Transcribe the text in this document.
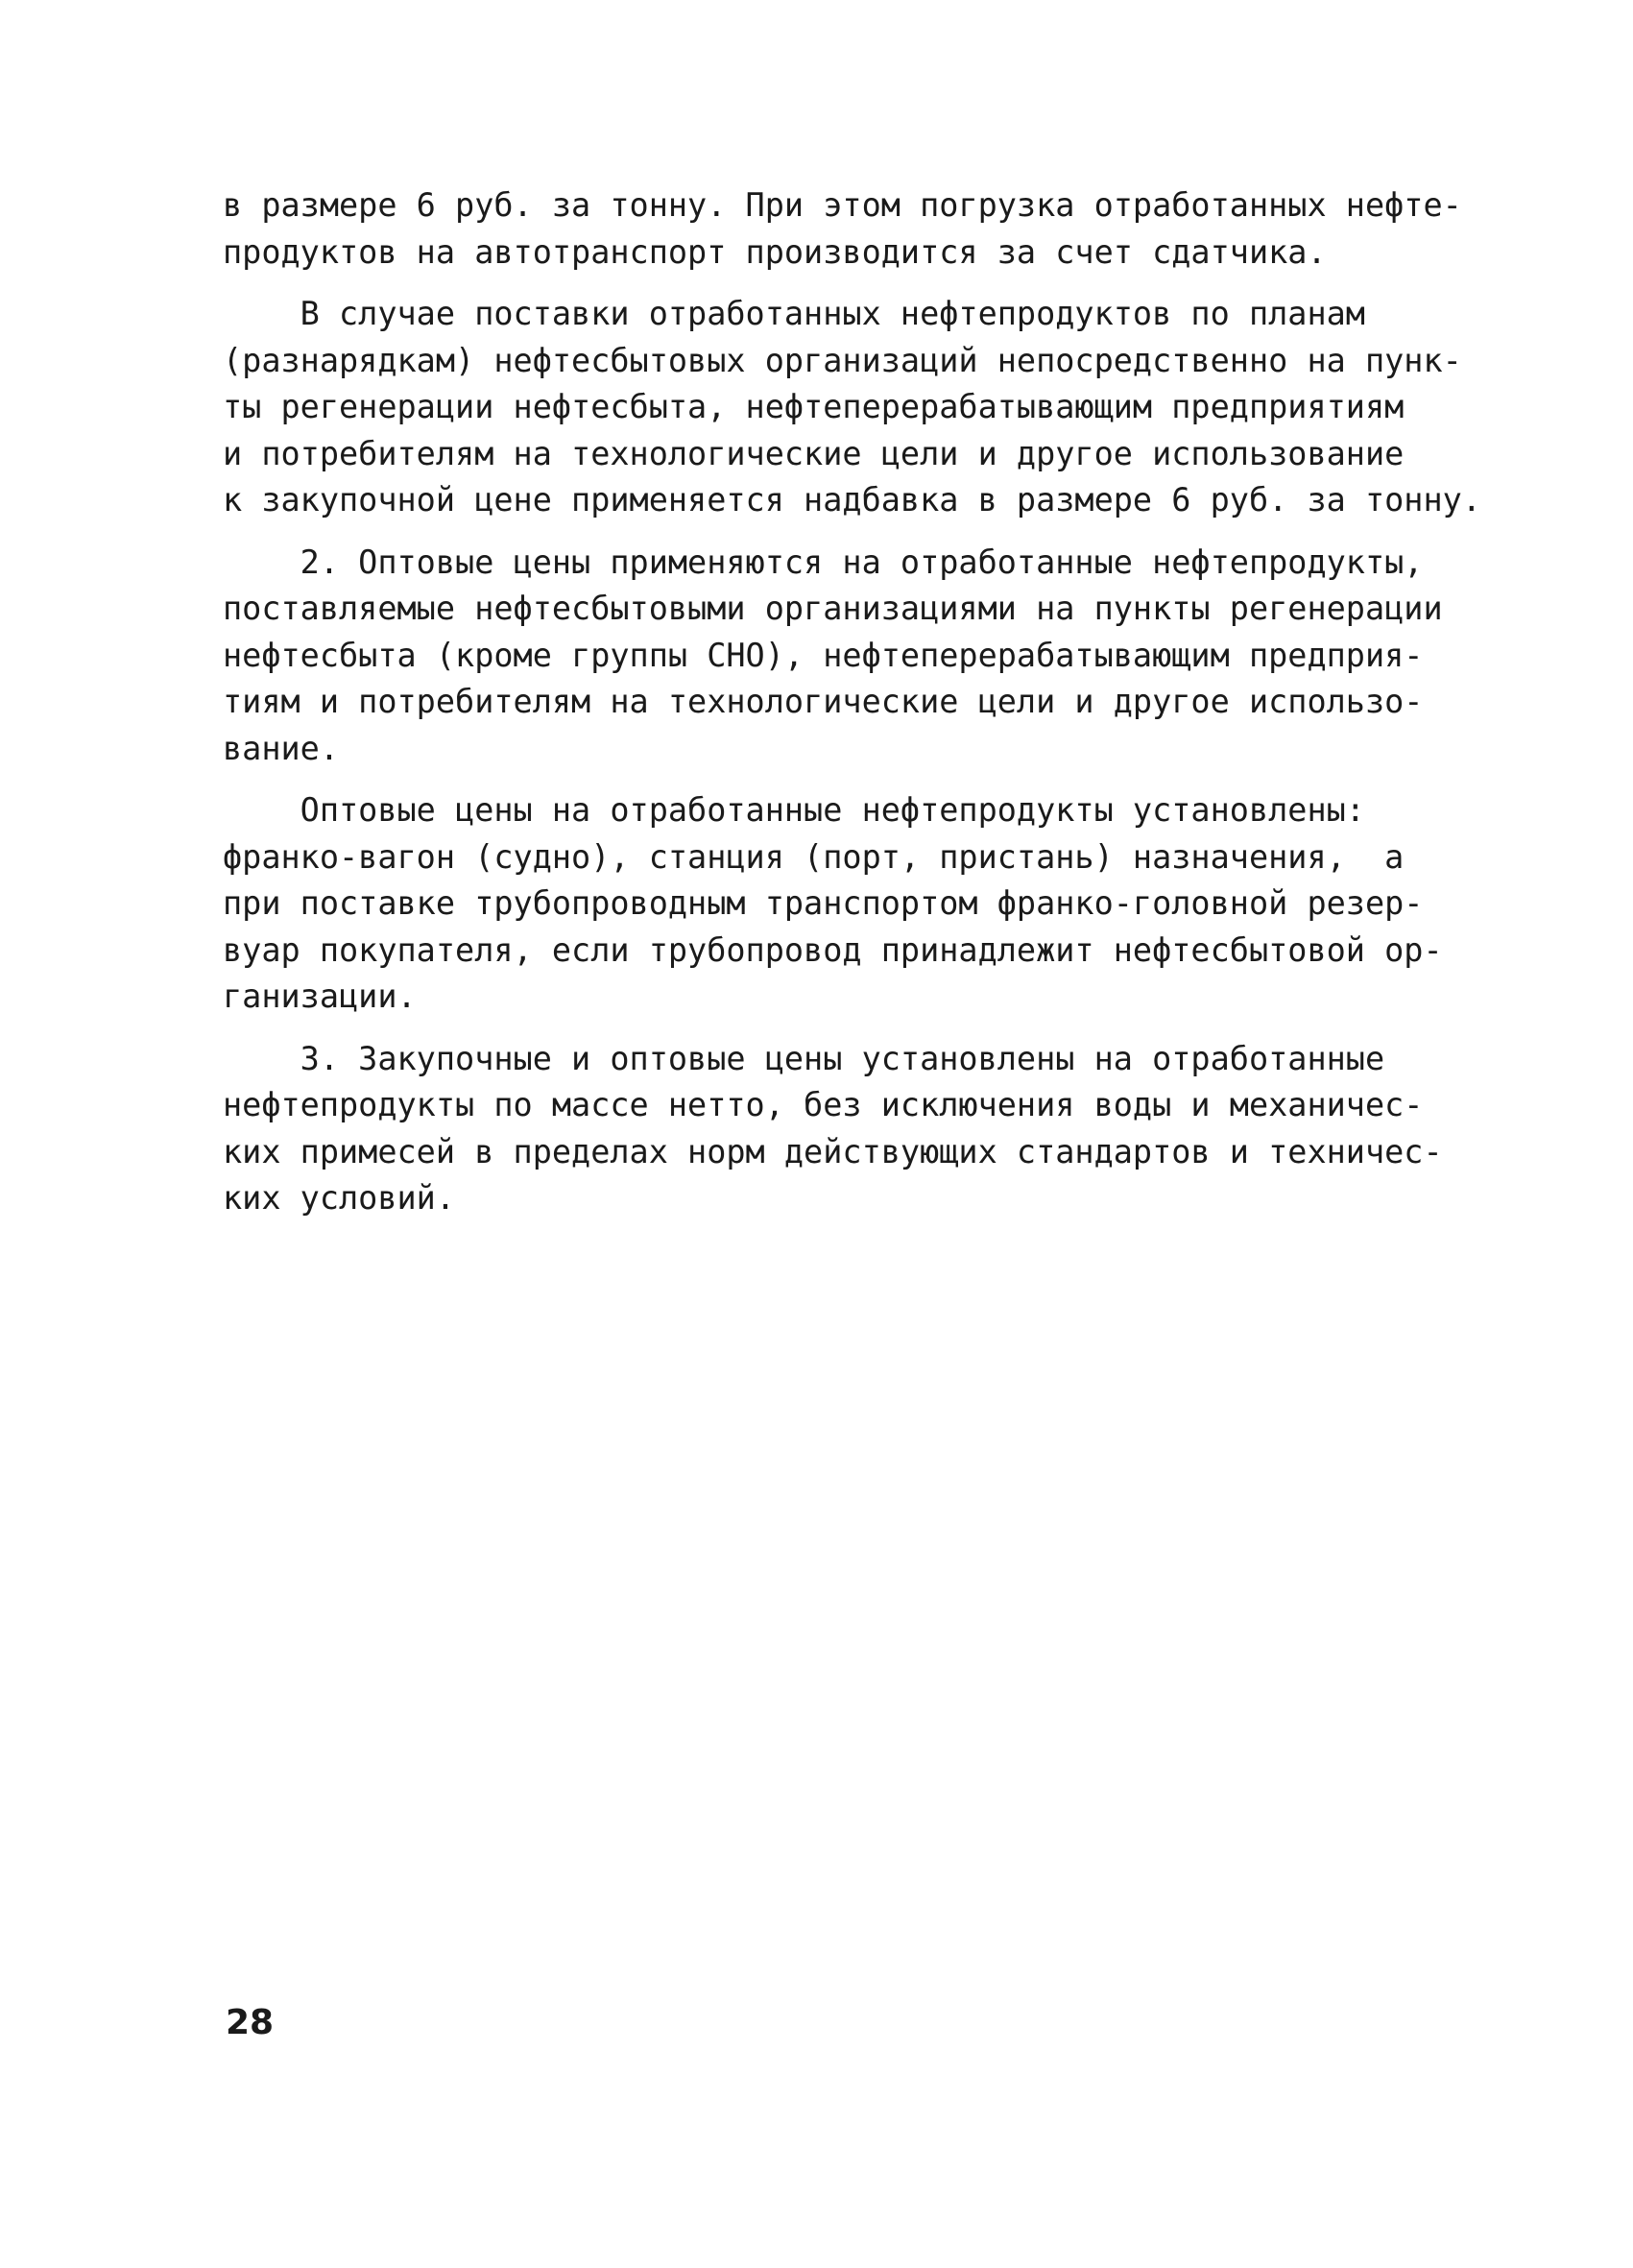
в размере 6 руб. за тонну. При этом погрузка отработанных нефте-
продуктов на автотранспорт производится за счет сдатчика.
В случае поставки отработанных нефтепродуктов по планам
(разнарядкам) нефтесбытовых организаций непосредственно на пунк-
ты регенерации нефтесбыта, нефтеперерабатывающим предприятиям
и потребителям на технологические цели и другое использование
к закупочной цене применяется надбавка в размере 6 руб. за тонну.
2. Оптовые цены применяются на отработанные нефтепродукты,
поставляемые нефтесбытовыми организациями на пункты регенерации
нефтесбыта (кроме группы СНО), нефтеперерабатывающим предприя-
тиям и потребителям на технологические цели и другое использо-
вание.
Оптовые цены на отработанные нефтепродукты установлены:
франко-вагон (судно), станция (порт, пристань) назначения,  а
при поставке трубопроводным транспортом франко-головной резер-
вуар покупателя, если трубопровод принадлежит нефтесбытовой ор-
ганизации.
3. Закупочные и оптовые цены установлены на отработанные
нефтепродукты по массе нетто, без исключения воды и механичес-
ких примесей в пределах норм действующих стандартов и техничес-
ких условий.
28
